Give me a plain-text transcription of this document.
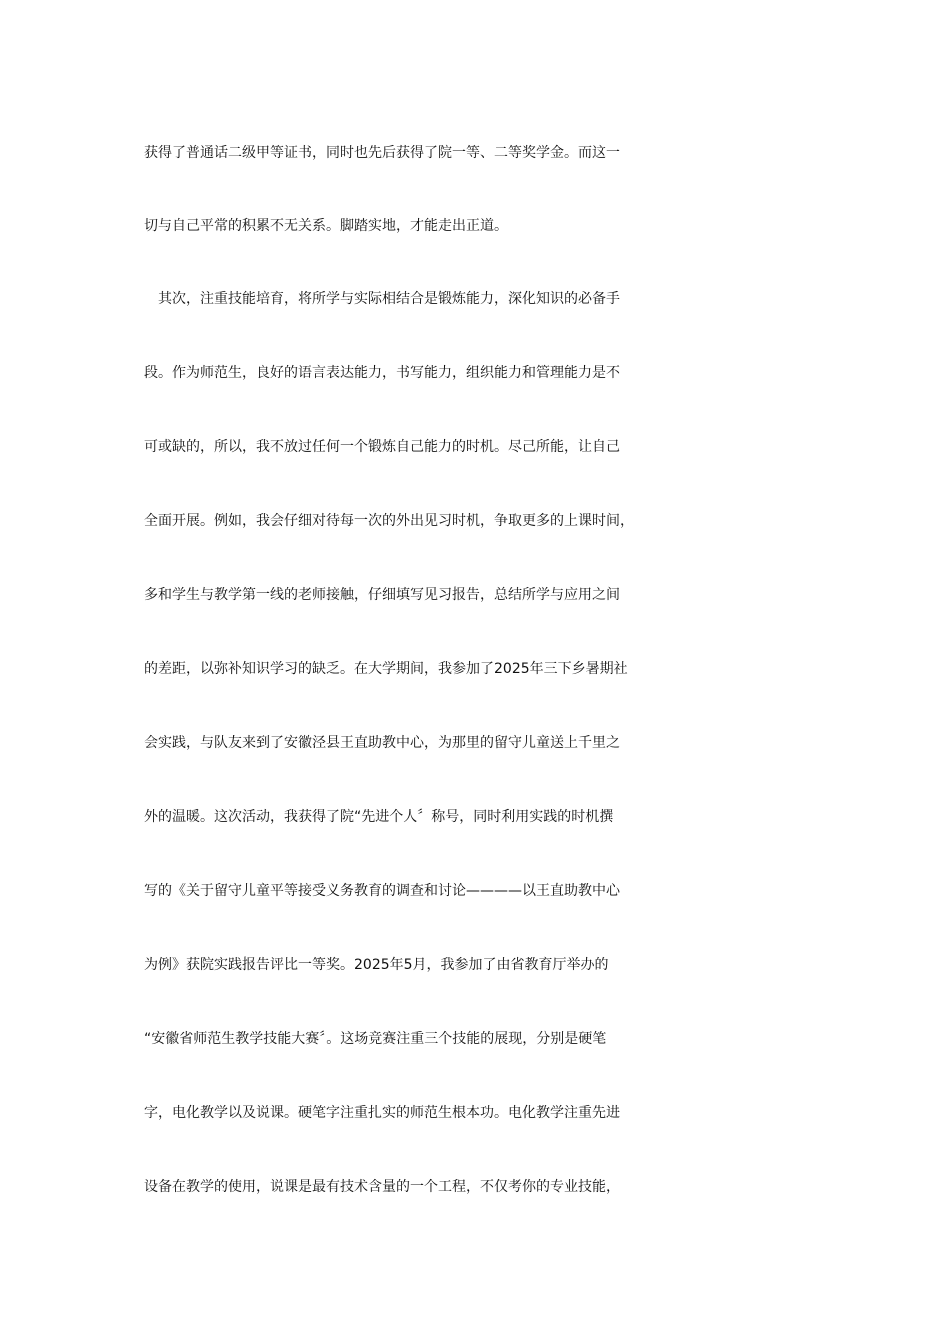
获得了普通话二级甲等证书，同时也先后获得了院一等、二等奖学金。而这一
切与自己平常的积累不无关系。脚踏实地，才能走出正道。
　其次，注重技能培育，将所学与实际相结合是锻炼能力，深化知识的必备手
段。作为师范生，良好的语言表达能力，书写能力，组织能力和管理能力是不
可或缺的，所以，我不放过任何一个锻炼自己能力的时机。尽己所能，让自己
全面开展。例如，我会仔细对待每一次的外出见习时机，争取更多的上课时间，
多和学生与教学第一线的老师接触，仔细填写见习报告，总结所学与应用之间
的差距，以弥补知识学习的缺乏。在大学期间，我参加了2025年三下乡暑期社
会实践，与队友来到了安徽泾县王直助教中心，为那里的留守儿童送上千里之
外的温暖。这次活动，我获得了院“先进个人〞称号，同时利用实践的时机撰
写的《关于留守儿童平等接受义务教育的调查和讨论————以王直助教中心
为例》获院实践报告评比一等奖。2025年5月，我参加了由省教育厅举办的
“安徽省师范生教学技能大赛〞。这场竞赛注重三个技能的展现，分别是硬笔
字，电化教学以及说课。硬笔字注重扎实的师范生根本功。电化教学注重先进
设备在教学的使用，说课是最有技术含量的一个工程，不仅考你的专业技能，
